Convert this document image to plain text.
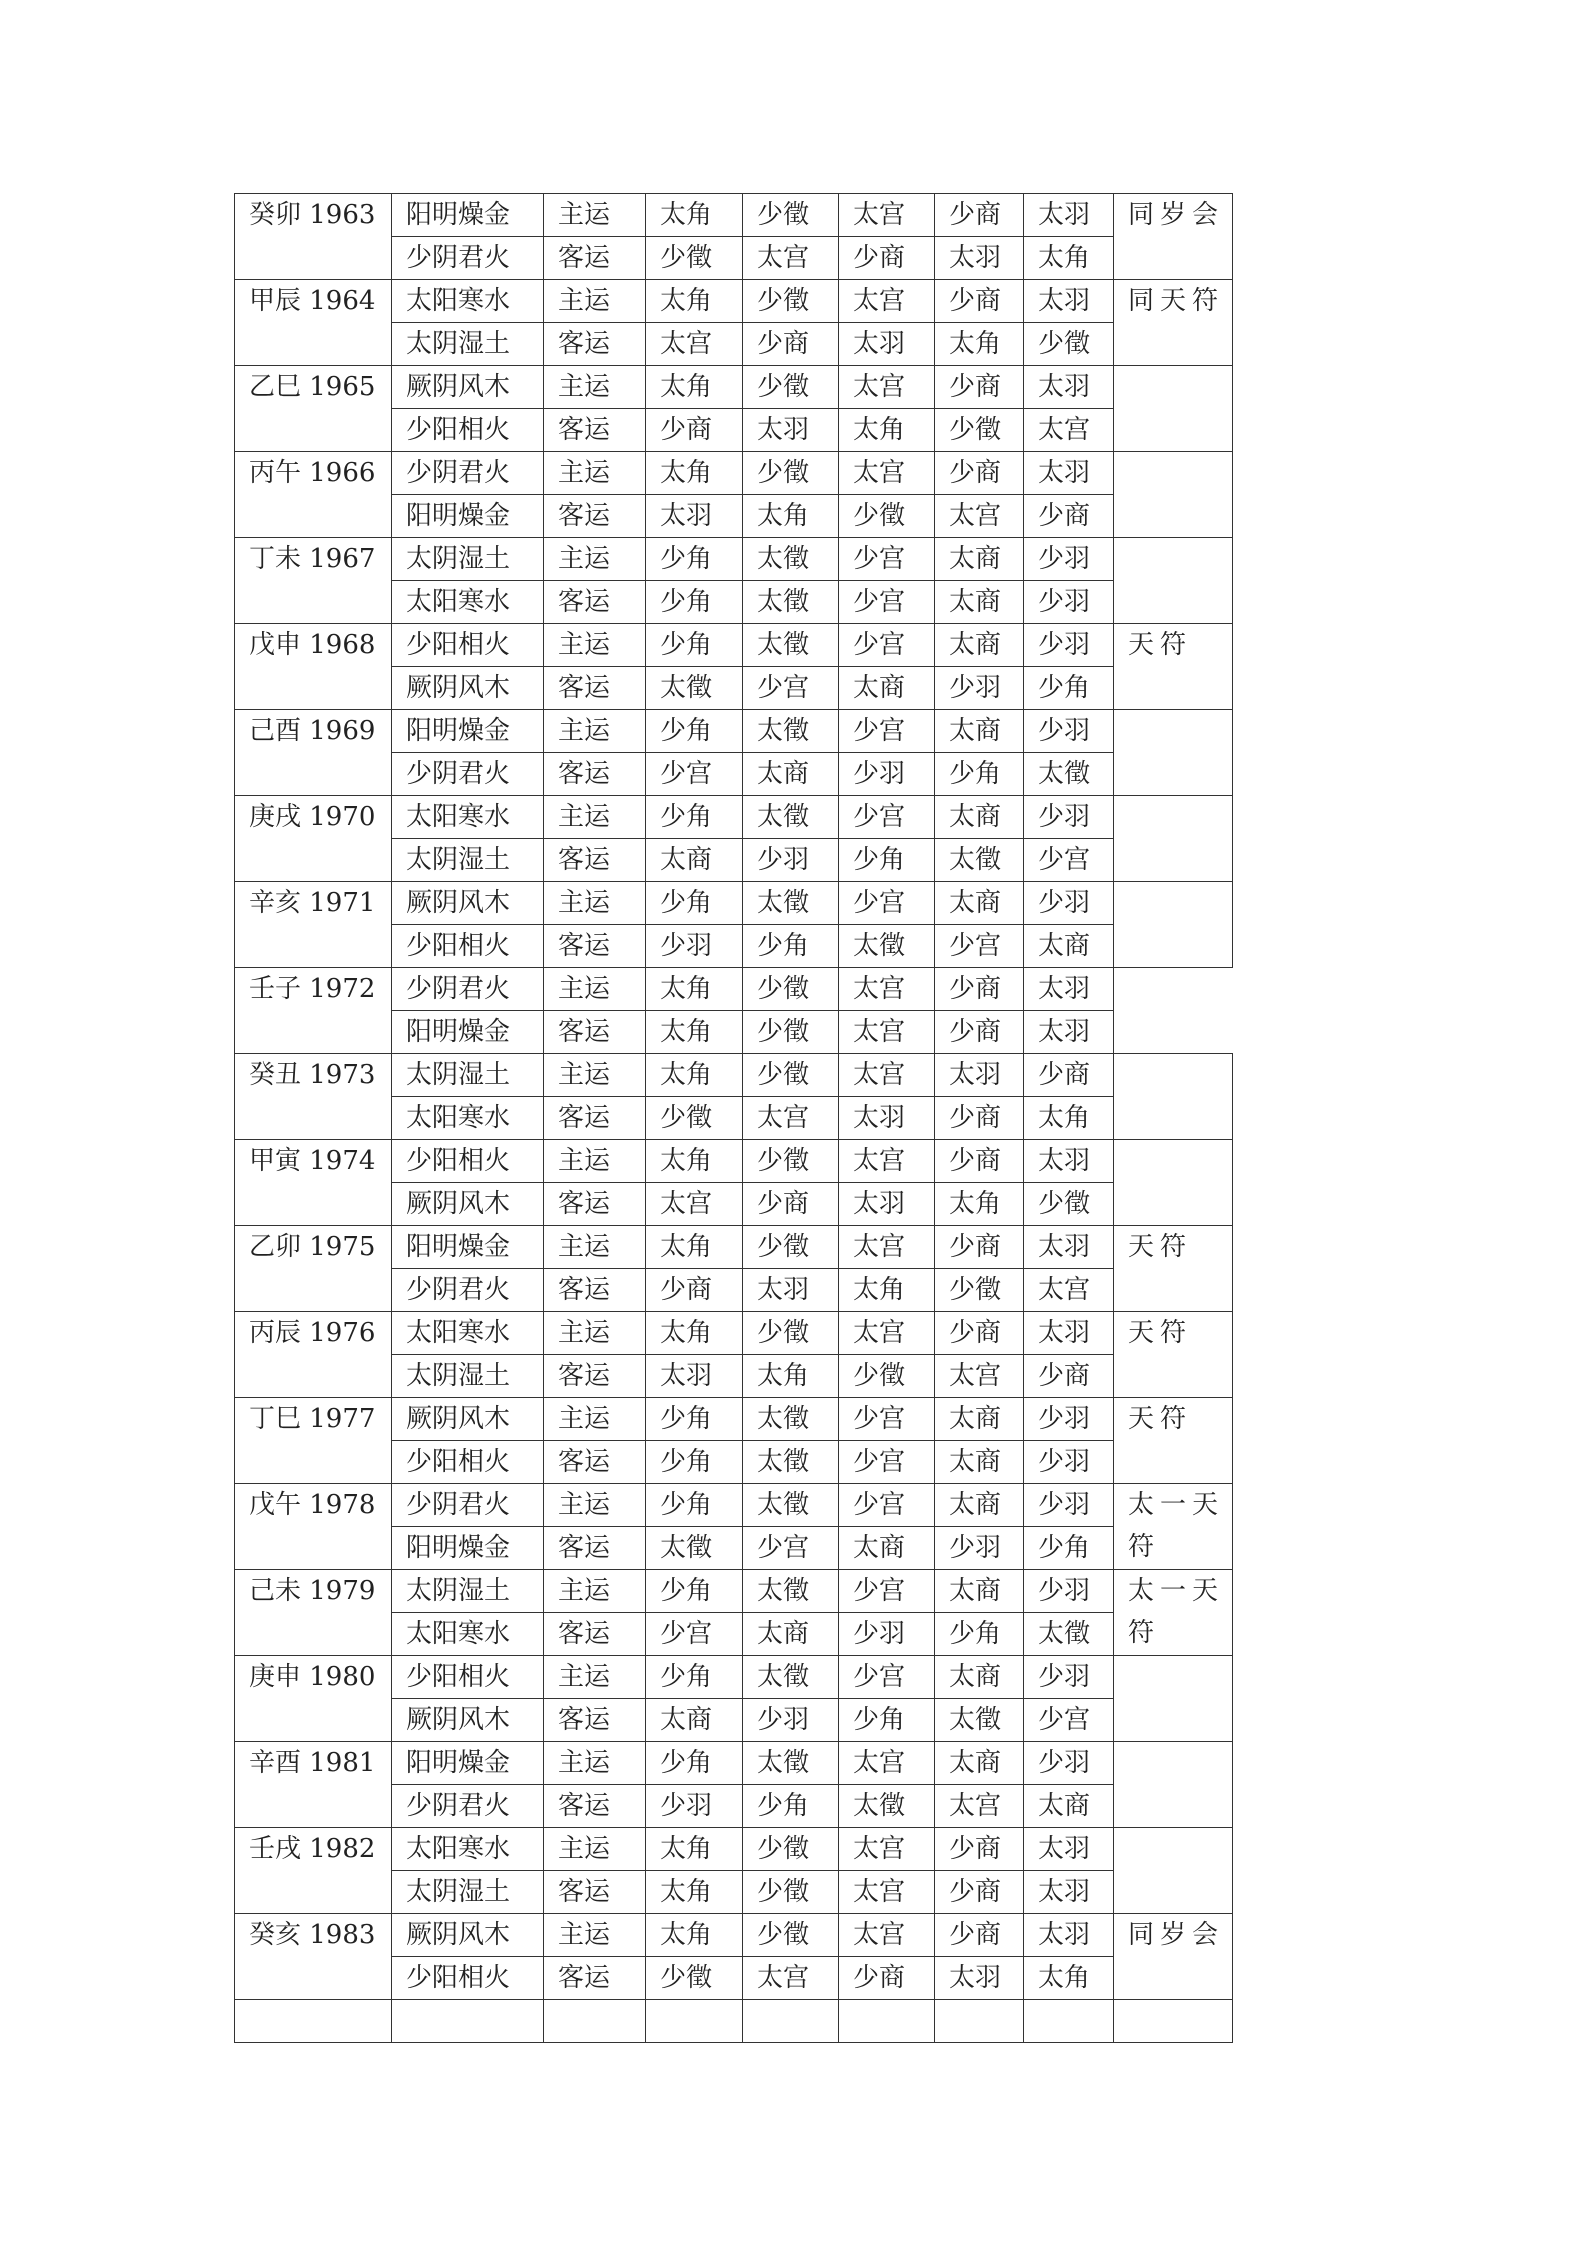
癸卯 1963	阳明燥金	主运	太角	少徵	太宫	少商	太羽	同岁会
	少阴君火	客运	少徵	太宫	少商	太羽	太角	
甲辰 1964	太阳寒水	主运	太角	少徵	太宫	少商	太羽	同天符
	太阴湿土	客运	太宫	少商	太羽	太角	少徵	
乙巳 1965	厥阴风木	主运	太角	少徵	太宫	少商	太羽	
	少阳相火	客运	少商	太羽	太角	少徵	太宫	
丙午 1966	少阴君火	主运	太角	少徵	太宫	少商	太羽	
	阳明燥金	客运	太羽	太角	少徵	太宫	少商	
丁未 1967	太阴湿土	主运	少角	太徵	少宫	太商	少羽	
	太阳寒水	客运	少角	太徵	少宫	太商	少羽	
戊申 1968	少阳相火	主运	少角	太徵	少宫	太商	少羽	天符
	厥阴风木	客运	太徵	少宫	太商	少羽	少角	
己酉 1969	阳明燥金	主运	少角	太徵	少宫	太商	少羽	
	少阴君火	客运	少宫	太商	少羽	少角	太徵	
庚戌 1970	太阳寒水	主运	少角	太徵	少宫	太商	少羽	
	太阴湿土	客运	太商	少羽	少角	太徵	少宫	
辛亥 1971	厥阴风木	主运	少角	太徵	少宫	太商	少羽	
	少阳相火	客运	少羽	少角	太徵	少宫	太商	
壬子 1972	少阴君火	主运	太角	少徵	太宫	少商	太羽	
	阳明燥金	客运	太角	少徵	太宫	少商	太羽	
癸丑 1973	太阴湿土	主运	太角	少徵	太宫	太羽	少商	
	太阳寒水	客运	少徵	太宫	太羽	少商	太角	
甲寅 1974	少阳相火	主运	太角	少徵	太宫	少商	太羽	
	厥阴风木	客运	太宫	少商	太羽	太角	少徵	
乙卯 1975	阳明燥金	主运	太角	少徵	太宫	少商	太羽	天符
	少阴君火	客运	少商	太羽	太角	少徵	太宫	
丙辰 1976	太阳寒水	主运	太角	少徵	太宫	少商	太羽	天符
	太阴湿土	客运	太羽	太角	少徵	太宫	少商	
丁巳 1977	厥阴风木	主运	少角	太徵	少宫	太商	少羽	天符
	少阳相火	客运	少角	太徵	少宫	太商	少羽	
戊午 1978	少阴君火	主运	少角	太徵	少宫	太商	少羽	太一天符
	阳明燥金	客运	太徵	少宫	太商	少羽	少角	
己未 1979	太阴湿土	主运	少角	太徵	少宫	太商	少羽	太一天符
	太阳寒水	客运	少宫	太商	少羽	少角	太徵	
庚申 1980	少阳相火	主运	少角	太徵	少宫	太商	少羽	
	厥阴风木	客运	太商	少羽	少角	太徵	少宫	
辛酉 1981	阳明燥金	主运	少角	太徵	太宫	太商	少羽	
	少阴君火	客运	少羽	少角	太徵	太宫	太商	
壬戌 1982	太阳寒水	主运	太角	少徵	太宫	少商	太羽	
	太阴湿土	客运	太角	少徵	太宫	少商	太羽	
癸亥 1983	厥阴风木	主运	太角	少徵	太宫	少商	太羽	同岁会
	少阳相火	客运	少徵	太宫	少商	太羽	太角	
